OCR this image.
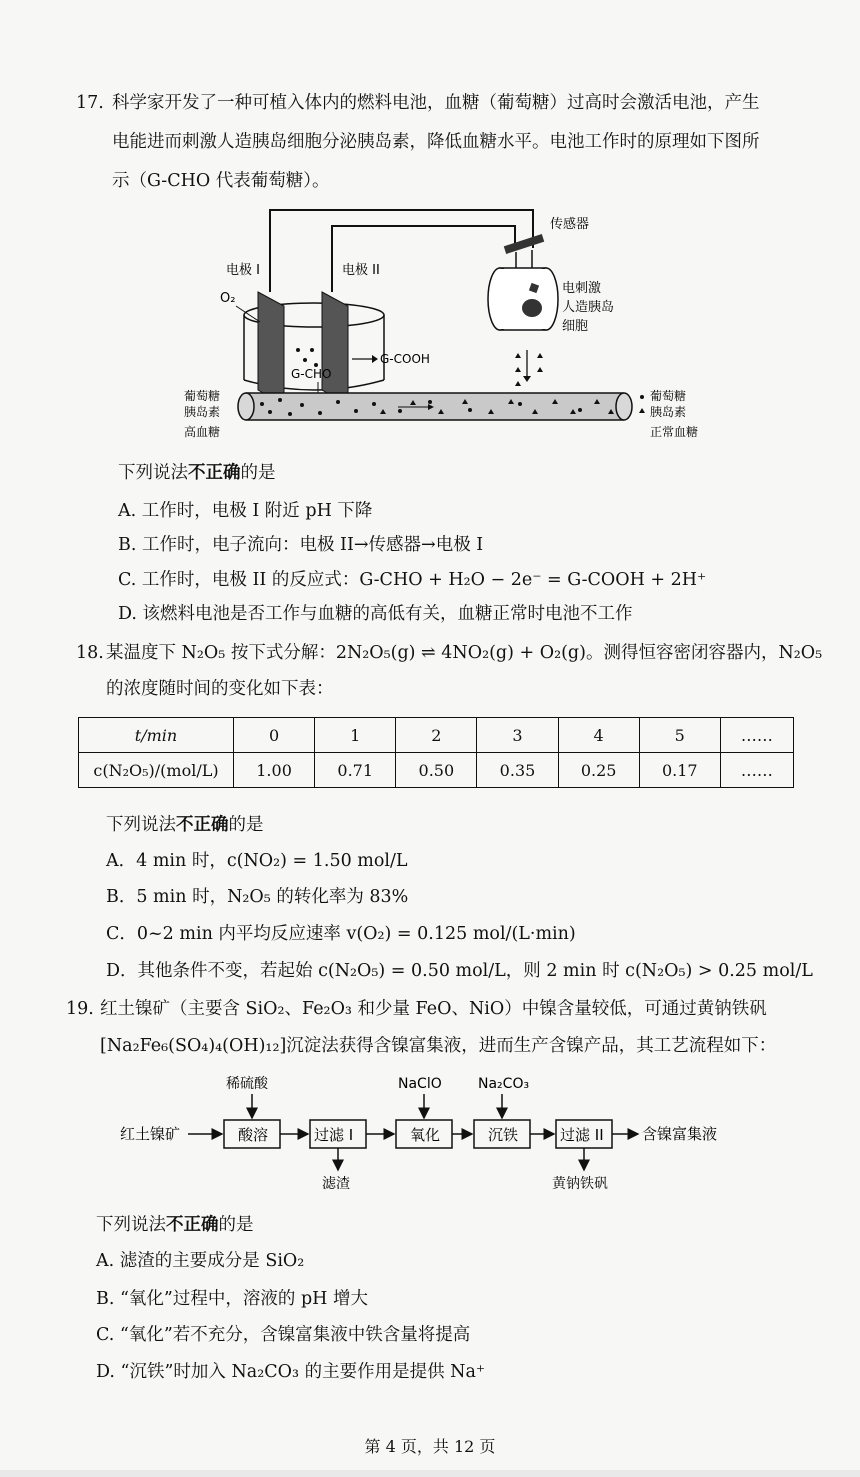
17. 科学家开发了一种可植入体内的燃料电池，血糖（葡萄糖）过高时会激活电池，产生
电能进而刺激人造胰岛细胞分泌胰岛素，降低血糖水平。电池工作时的原理如下图所
示（G-CHO 代表葡萄糖）。
传感器
电刺激
人造胰岛
细胞
电极 I	电极 II
O₂
G-CHO
G-COOH
葡萄糖
胰岛素
高血糖
葡萄糖
胰岛素
正常血糖
下列说法不正确的是
A. 工作时，电极 I 附近 pH 下降
B. 工作时，电子流向：电极 II→传感器→电极 I
C. 工作时，电极 II 的反应式：G-CHO + H₂O − 2e⁻ = G-COOH + 2H⁺
D. 该燃料电池是否工作与血糖的高低有关，血糖正常时电池不工作
18. 某温度下 N₂O₅ 按下式分解：2N₂O₅(g) ⇌ 4NO₂(g) + O₂(g)。测得恒容密闭容器内，N₂O₅
的浓度随时间的变化如下表：
t/min	0	1	2	3	4	5	……
c(N₂O₅)/(mol/L)	1.00	0.71	0.50	0.35	0.25	0.17	……
下列说法不正确的是
A．4 min 时，c(NO₂) = 1.50 mol/L
B．5 min 时，N₂O₅ 的转化率为 83%
C．0~2 min 内平均反应速率 v(O₂) = 0.125 mol/(L·min)
D．其他条件不变，若起始 c(N₂O₅) = 0.50 mol/L，则 2 min 时 c(N₂O₅) > 0.25 mol/L
19. 红土镍矿（主要含 SiO₂、Fe₂O₃ 和少量 FeO、NiO）中镍含量较低，可通过黄钠铁矾
[Na₂Fe₆(SO₄)₄(OH)₁₂]沉淀法获得含镍富集液，进而生产含镍产品，其工艺流程如下：
红土镍矿	酸溶
稀硫酸
过滤 I
滤渣
氧化
NaClO
沉铁
Na₂CO₃
过滤 II
黄钠铁矾
含镍富集液
下列说法不正确的是
A. 滤渣的主要成分是 SiO₂
B. “氧化”过程中，溶液的 pH 增大
C. “氧化”若不充分，含镍富集液中铁含量将提高
D. “沉铁”时加入 Na₂CO₃ 的主要作用是提供 Na⁺
第 4 页，共 12 页
